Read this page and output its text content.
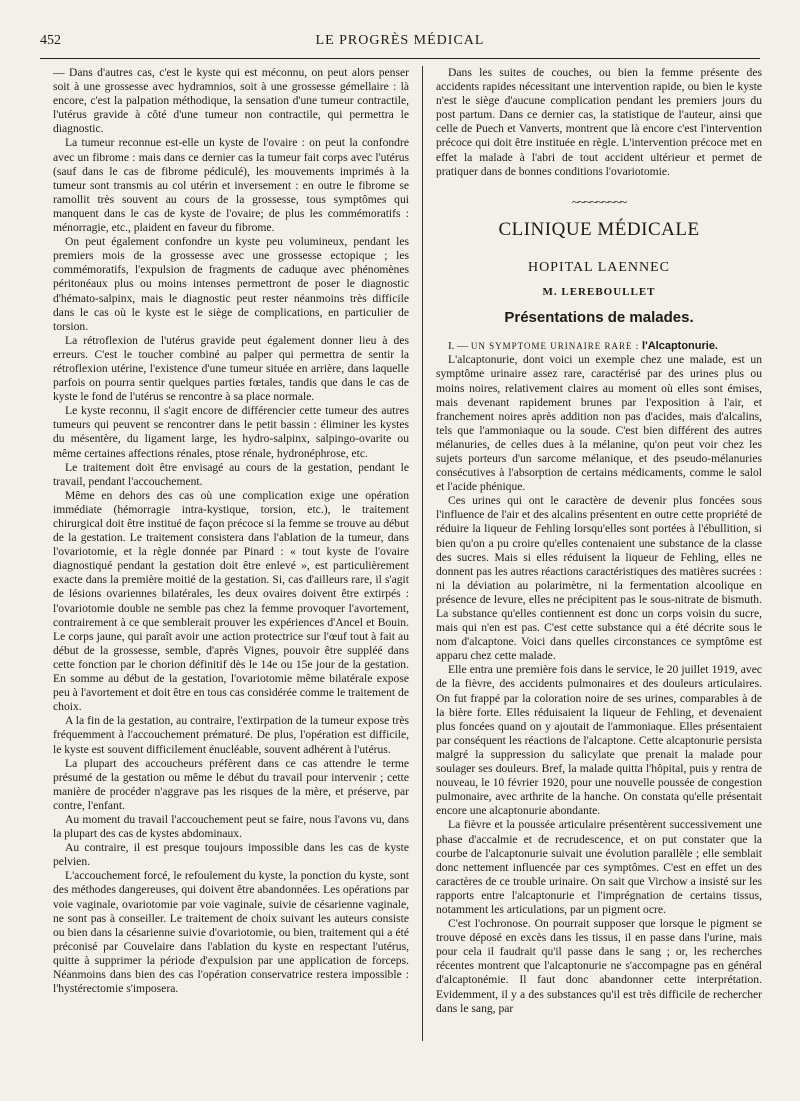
452	LE PROGRÈS MÉDICAL

— Dans d'autres cas, c'est le kyste qui est méconnu, on peut alors penser soit à une grossesse avec hydramnios, soit à une grossesse gémellaire : là encore, c'est la palpation méthodique, la sensation d'une tumeur contractile, l'utérus gravide à côté d'une tumeur non contractile, qui permettra le diagnostic.

La tumeur reconnue est-elle un kyste de l'ovaire : on peut la confondre avec un fibrome : mais dans ce dernier cas la tumeur fait corps avec l'utérus (sauf dans le cas de fibrome pédiculé), les mouvements imprimés à la tumeur sont transmis au col utérin et inversement : en outre le fibrome se ramollit très souvent au cours de la grossesse, tous symptômes qui manquent dans le cas de kyste de l'ovaire; de plus les commémoratifs : ménorragie, etc., plaident en faveur du fibrome.

On peut également confondre un kyste peu volumineux, pendant les premiers mois de la grossesse avec une grossesse ectopique ; les commémoratifs, l'expulsion de fragments de caduque avec phénomènes péritonéaux plus ou moins intenses permettront de poser le diagnostic d'hémato-salpinx, mais le diagnostic peut rester néanmoins très difficile dans le cas où le kyste est le siège de complications, en particulier de torsion.

La rétroflexion de l'utérus gravide peut également donner lieu à des erreurs. C'est le toucher combiné au palper qui permettra de sentir la rétroflexion utérine, l'existence d'une tumeur située en arrière, dans laquelle parfois on pourra sentir quelques parties fœtales, tandis que dans le cas de kyste le fond de l'utérus se rencontre à sa place normale.

Le kyste reconnu, il s'agit encore de différencier cette tumeur des autres tumeurs qui peuvent se rencontrer dans le petit bassin : éliminer les kystes du mésentère, du ligament large, les hydro-salpinx, salpingo-ovarite ou même certaines affections rénales, ptose rénale, hydronéphrose, etc.

Le traitement doit être envisagé au cours de la gestation, pendant le travail, pendant l'accouchement.

Même en dehors des cas où une complication exige une opération immédiate (hémorragie intra-kystique, torsion, etc.), le traitement chirurgical doit être institué de façon précoce si la femme se trouve au début de la gestation. Le traitement consistera dans l'ablation de la tumeur, dans l'ovariotomie, et la règle donnée par Pinard : « tout kyste de l'ovaire diagnostiqué pendant la gestation doit être enlevé », est particulièrement exacte dans la première moitié de la gestation. Si, cas d'ailleurs rare, il s'agit de lésions ovariennes bilatérales, les deux ovaires doivent être extirpés : l'ovariotomie double ne semble pas chez la femme provoquer l'avortement, contrairement à ce que semblerait prouver les expériences d'Ancel et Bouin. Le corps jaune, qui paraît avoir une action protectrice sur l'œuf tout à fait au début de la grossesse, semble, d'après Vignes, pouvoir être suppléé dans cette fonction par le chorion définitif dès le 14e ou 15e jour de la gestation. En somme au début de la gestation, l'ovariotomie même bilatérale expose peu à l'avortement et doit être en tous cas considérée comme le traitement de choix.

A la fin de la gestation, au contraire, l'extirpation de la tumeur expose très fréquemment à l'accouchement prématuré. De plus, l'opération est difficile, le kyste est souvent difficilement énucléable, souvent adhérent à l'utérus.

La plupart des accoucheurs préfèrent dans ce cas attendre le terme présumé de la gestation ou même le début du travail pour intervenir ; cette manière de procéder n'aggrave pas les risques de la mère, et préserve, par contre, l'enfant.

Au moment du travail l'accouchement peut se faire, nous l'avons vu, dans la plupart des cas de kystes abdominaux.

Au contraire, il est presque toujours impossible dans les cas de kyste pelvien.

L'accouchement forcé, le refoulement du kyste, la ponction du kyste, sont des méthodes dangereuses, qui doivent être abandonnées. Les opérations par voie vaginale, ovariotomie par voie vaginale, suivie de césarienne vaginale, ne sont pas à conseiller. Le traitement de choix suivant les auteurs consiste ou bien dans la césarienne suivie d'ovariotomie, ou bien, traitement qui a été préconisé par Couvelaire dans l'ablation du kyste en respectant l'utérus, quitte à supprimer la période d'expulsion par une application de forceps. Néanmoins dans bien des cas l'opération conservatrice restera impossible : l'hystérectomie s'imposera.

Dans les suites de couches, ou bien la femme présente des accidents rapides nécessitant une intervention rapide, ou bien le kyste n'est le siège d'aucune complication pendant les premiers jours du post partum. Dans ce dernier cas, la statistique de l'auteur, ainsi que celle de Puech et Vanverts, montrent que là encore c'est l'intervention précoce qui doit être instituée en règle. L'intervention précoce met en effet la malade à l'abri de tout accident ultérieur et permet de pratiquer dans de bonnes conditions l'ovariotomie.

~~~~~~~~~
CLINIQUE MÉDICALE
HOPITAL LAENNEC
M. LEREBOULLET
Présentations de malades.

I. — UN SYMPTOME URINAIRE RARE : l'Alcaptonurie.

L'alcaptonurie, dont voici un exemple chez une malade, est un symptôme urinaire assez rare, caractérisé par des urines plus ou moins noires, relativement claires au moment où elles sont émises, mais devenant rapidement brunes par l'exposition à l'air, et franchement noires après addition non pas d'acides, mais d'alcalins, tels que l'ammoniaque ou la soude. C'est bien différent des autres mélanuries, de celles dues à la mélanine, qu'on peut voir chez les sujets porteurs d'un sarcome mélanique, et des pseudo-mélanuries consécutives à l'absorption de certains médicaments, comme le salol et l'acide phénique.

Ces urines qui ont le caractère de devenir plus foncées sous l'influence de l'air et des alcalins présentent en outre cette propriété de réduire la liqueur de Fehling lorsqu'elles sont portées à l'ébullition, si bien qu'on a pu croire qu'elles contenaient une substance de la classe des sucres. Mais si elles réduisent la liqueur de Fehling, elles ne donnent pas les autres réactions caractéristiques des matières sucrées : ni la déviation au polarimètre, ni la fermentation alcoolique en présence de levure, elles ne précipitent pas le sous-nitrate de bismuth. La substance qu'elles contiennent est donc un corps voisin du sucre, mais qui n'en est pas. C'est cette substance qui a été décrite sous le nom d'alcaptone. Voici dans quelles circonstances ce symptôme est apparu chez cette malade.

Elle entra une première fois dans le service, le 20 juillet 1919, avec de la fièvre, des accidents pulmonaires et des douleurs articulaires. On fut frappé par la coloration noire de ses urines, comparables à de la bière forte. Elles réduisaient la liqueur de Fehling, et devenaient plus foncées quand on y ajoutait de l'ammoniaque. Elles présentaient par conséquent les réactions de l'alcaptone. Cette alcaptonurie persista malgré la suppression du salicylate que prenait la malade pour soulager ses douleurs. Bref, la malade quitta l'hôpital, puis y rentra de nouveau, le 10 février 1920, pour une nouvelle poussée de congestion pulmonaire, avec arthrite de la hanche. On constata qu'elle présentait encore une alcaptonurie abondante.

La fièvre et la poussée articulaire présentèrent successivement une phase d'accalmie et de recrudescence, et on put constater que la courbe de l'alcaptonurie suivait une évolution parallèle ; elle semblait donc nettement influencée par ces symptômes. C'est en effet un des caractères de ce trouble urinaire. On sait que Virchow a insisté sur les rapports entre l'alcaptonurie et l'imprégnation de certains tissus, notamment les articulations, par un pigment ocre.

C'est l'ochronose. On pourrait supposer que lorsque le pigment se trouve déposé en excès dans les tissus, il en passe dans l'urine, mais pour cela il faudrait qu'il passe dans le sang ; or, les recherches récentes montrent que l'alcaptonurie ne s'accompagne pas en général d'alcaptonémie. Il faut donc abandonner cette interprétation. Evidemment, il y a des substances qu'il est très difficile de rechercher dans le sang, par
